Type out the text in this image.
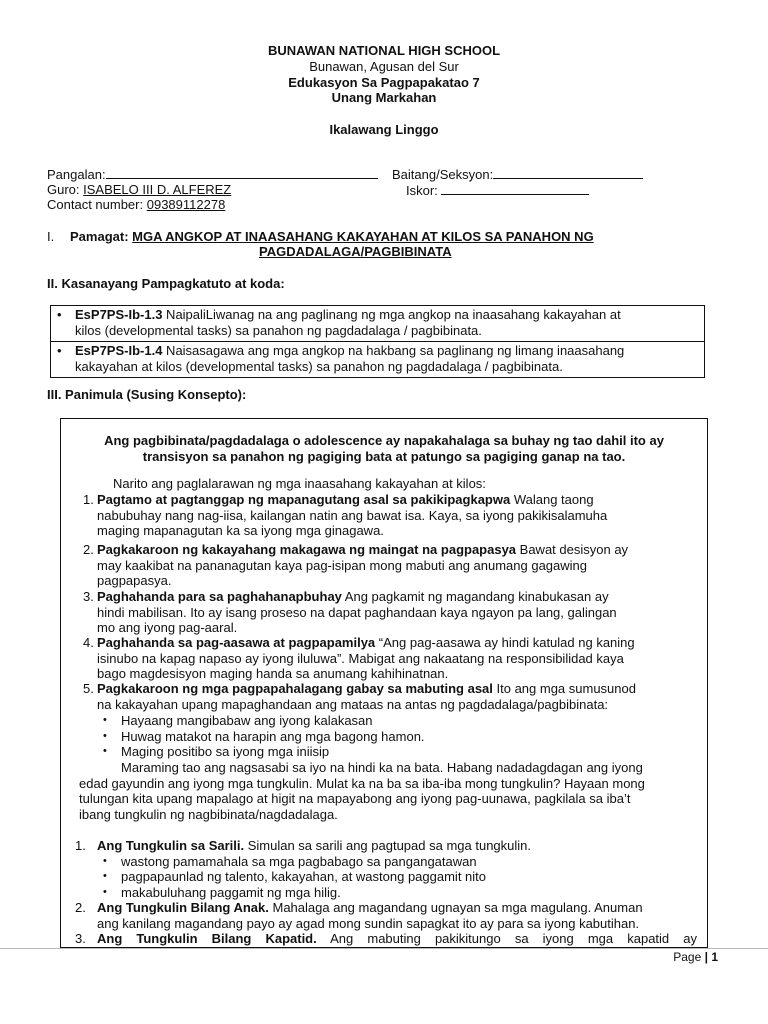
BUNAWAN NATIONAL HIGH SCHOOL
Bunawan, Agusan del Sur
Edukasyon Sa Pagpapakatao 7
Unang Markahan
Ikalawang Linggo
Pangalan:	Baitang/Seksyon:
Guro: ISABELO III D. ALFEREZ	Iskor:
Contact number: 09389112278
I. Pamagat: MGA ANGKOP AT INAASAHANG KAKAYAHAN AT KILOS SA PANAHON NG
PAGDADALAGA/PAGBIBINATA
II. Kasanayang Pampagkatuto at koda:
•	EsP7PS-Ib-1.3 NaipaliLiwanag na ang paglinang ng mga angkop na inaasahang kakayahan at
kilos (developmental tasks) sa panahon ng pagdadalaga / pagbibinata.
•	EsP7PS-Ib-1.4 Naisasagawa ang mga angkop na hakbang sa paglinang ng limang inaasahang
kakayahan at kilos (developmental tasks) sa panahon ng pagdadalaga / pagbibinata.
III. Panimula (Susing Konsepto):
Ang pagbibinata/pagdadalaga o adolescence ay napakahalaga sa buhay ng tao dahil ito ay
transisyon sa panahon ng pagiging bata at patungo sa pagiging ganap na tao.
Narito ang paglalarawan ng mga inaasahang kakayahan at kilos:
1. Pagtamo at pagtanggap ng mapanagutang asal sa pakikipagkapwa Walang taong
nabubuhay nang nag-iisa, kailangan natin ang bawat isa. Kaya, sa iyong pakikisalamuha
maging mapanagutan ka sa iyong mga ginagawa.
2. Pagkakaroon ng kakayahang makagawa ng maingat na pagpapasya Bawat desisyon ay
may kaakibat na pananagutan kaya pag-isipan mong mabuti ang anumang gagawing
pagpapasya.
3. Paghahanda para sa paghahanapbuhay Ang pagkamit ng magandang kinabukasan ay
hindi mabilisan. Ito ay isang proseso na dapat paghandaan kaya ngayon pa lang, galingan
mo ang iyong pag-aaral.
4. Paghahanda sa pag-aasawa at pagpapamilya “Ang pag-aasawa ay hindi katulad ng kaning
isinubo na kapag napaso ay iyong iluluwa”. Mabigat ang nakaatang na responsibilidad kaya
bago magdesisyon maging handa sa anumang kahihinatnan.
5. Pagkakaroon ng mga pagpapahalagang gabay sa mabuting asal Ito ang mga sumusunod
na kakayahan upang mapaghandaan ang mataas na antas ng pagdadalaga/pagbibinata:
• Hayaang mangibabaw ang iyong kalakasan
• Huwag matakot na harapin ang mga bagong hamon.
• Maging positibo sa iyong mga iniisip
Maraming tao ang nagsasabi sa iyo na hindi ka na bata. Habang nadadagdagan ang iyong
edad gayundin ang iyong mga tungkulin. Mulat ka na ba sa iba-iba mong tungkulin? Hayaan mong
tulungan kita upang mapalago at higit na mapayabong ang iyong pag-uunawa, pagkilala sa iba’t
ibang tungkulin ng nagbibinata/nagdadalaga.
1. Ang Tungkulin sa Sarili. Simulan sa sarili ang pagtupad sa mga tungkulin.
• wastong pamamahala sa mga pagbabago sa pangangatawan
• pagpapaunlad ng talento, kakayahan, at wastong paggamit nito
• makabuluhang paggamit ng mga hilig.
2. Ang Tungkulin Bilang Anak. Mahalaga ang magandang ugnayan sa mga magulang. Anuman
ang kanilang magandang payo ay agad mong sundin sapagkat ito ay para sa iyong kabutihan.
3. Ang Tungkulin Bilang Kapatid. Ang mabuting pakikitungo sa iyong mga kapatid ay
Page | 1
